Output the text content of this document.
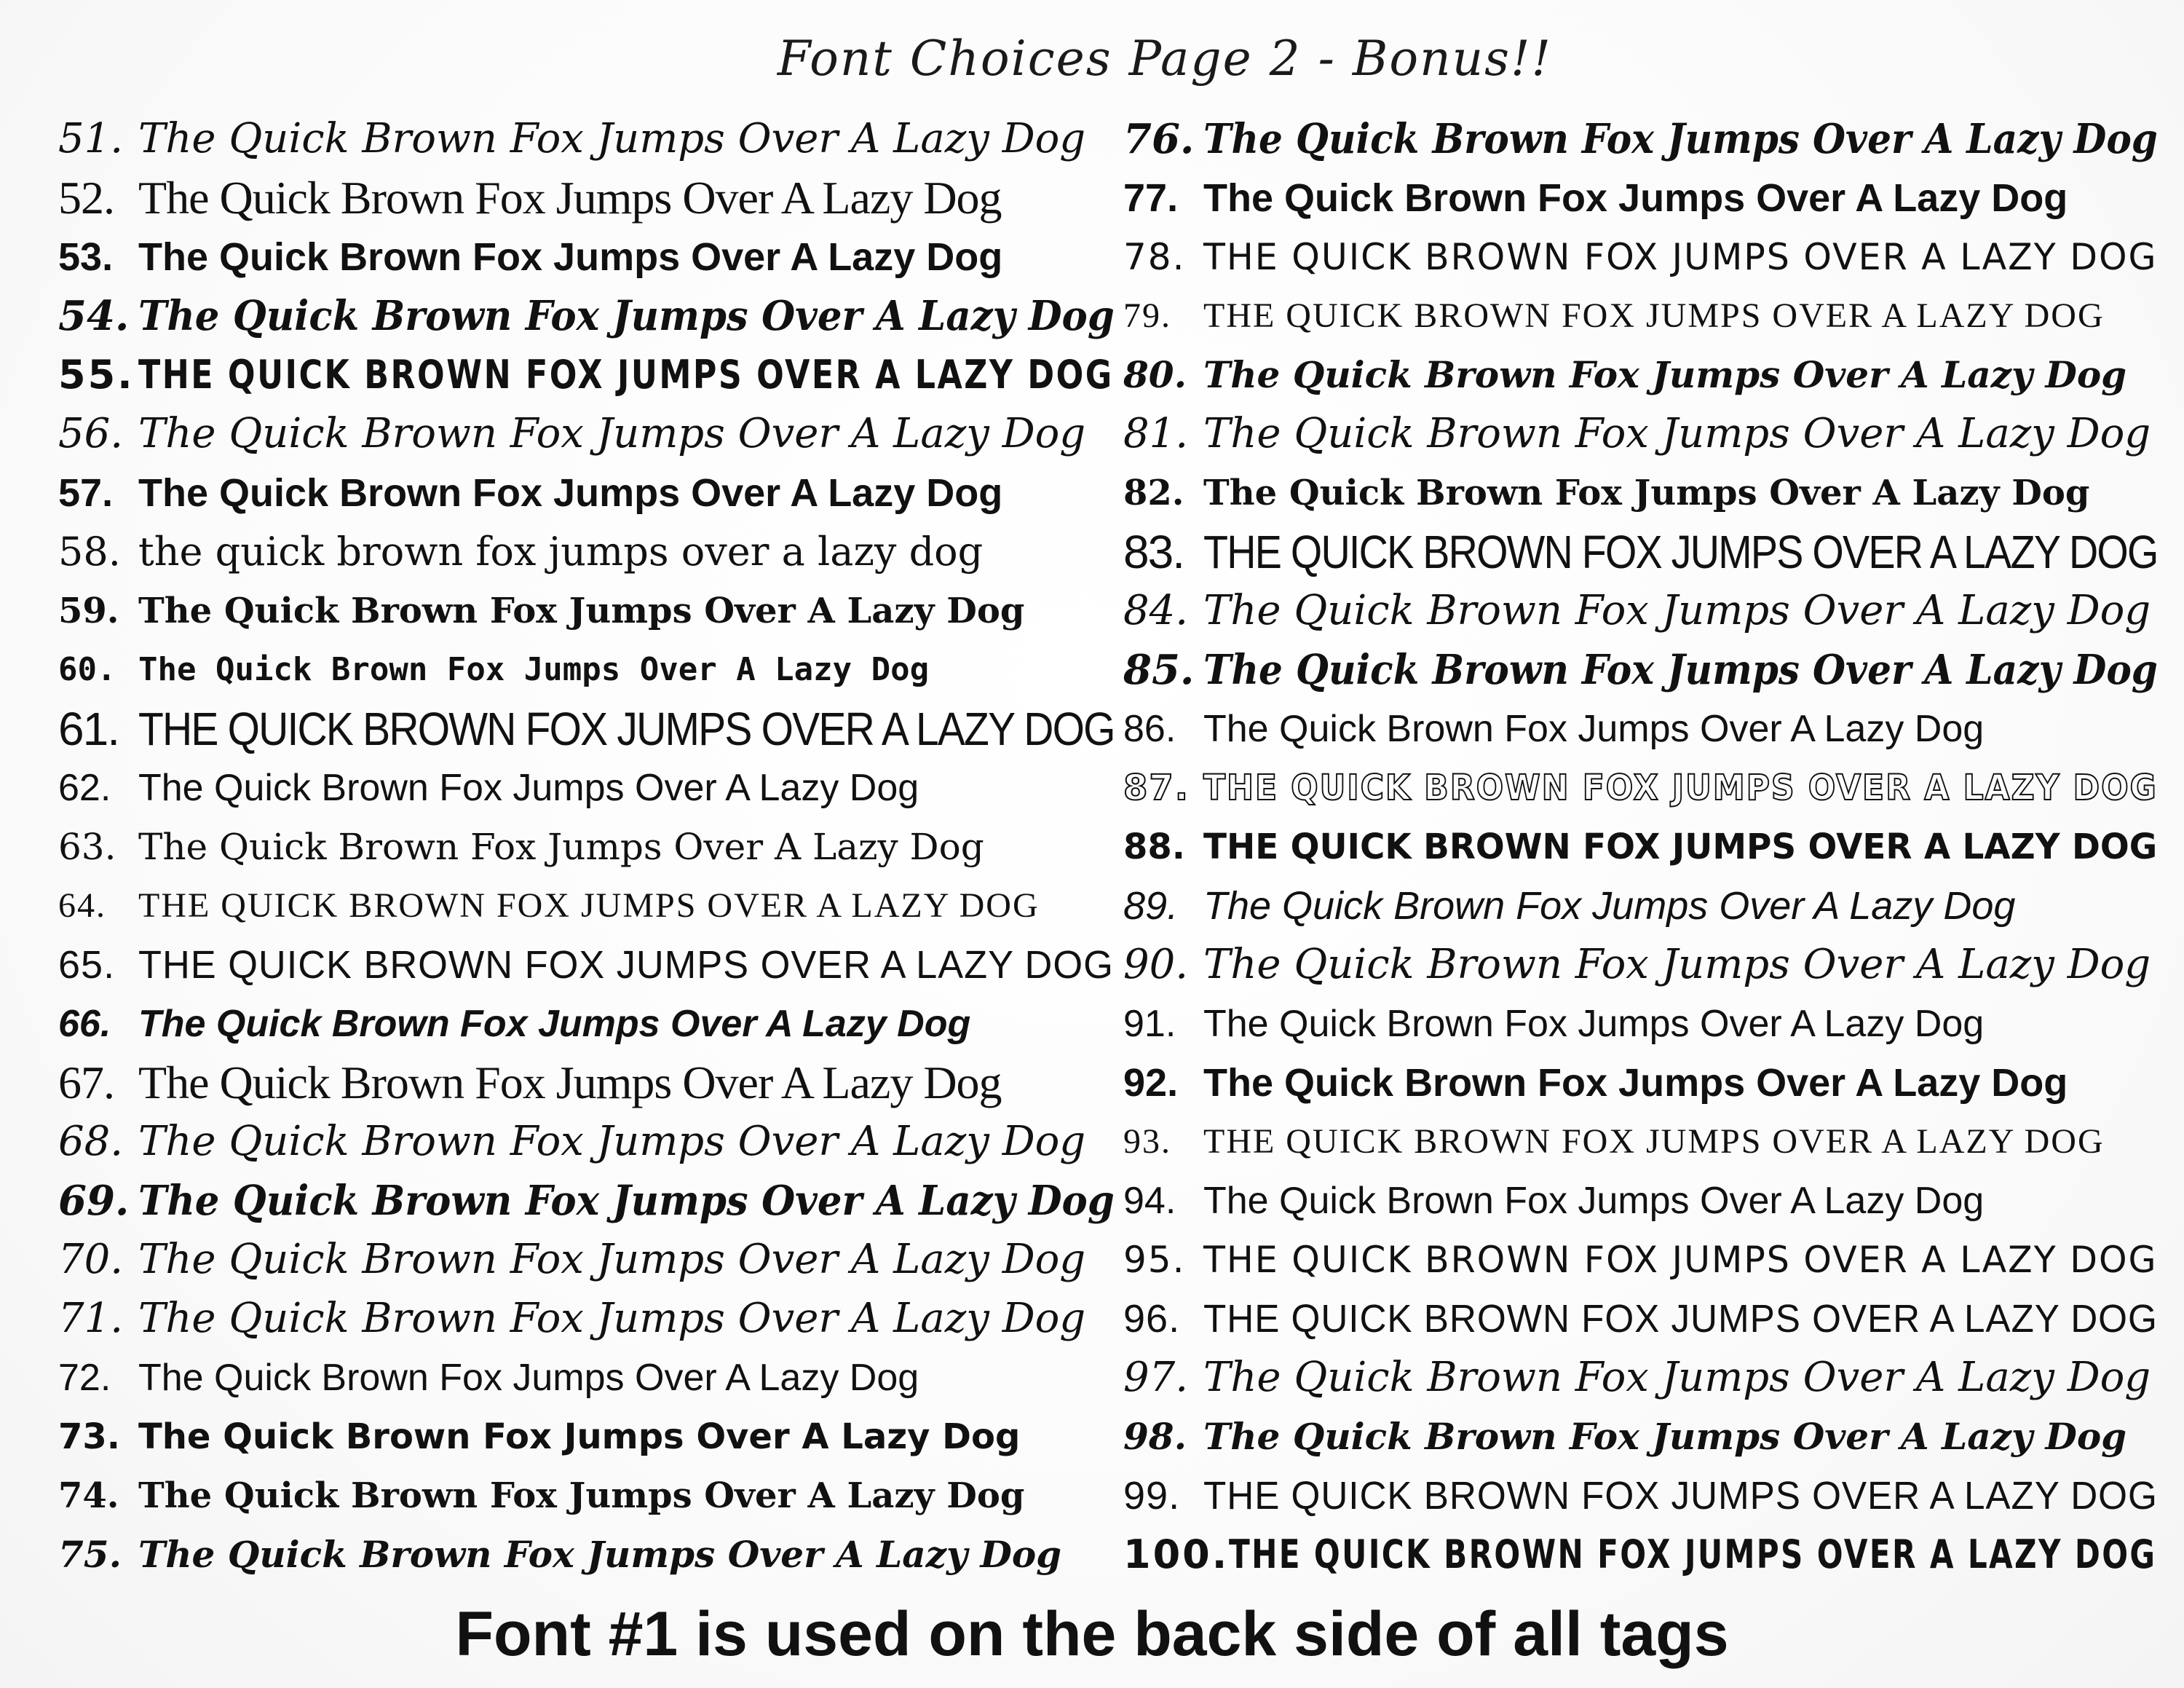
Font Choices Page 2 - Bonus!!
51. The Quick Brown Fox Jumps Over A Lazy Dog
52. The Quick Brown Fox Jumps Over A Lazy Dog
53. The Quick Brown Fox Jumps Over A Lazy Dog
54. The Quick Brown Fox Jumps Over A Lazy Dog
55. THE QUICK BROWN FOX JUMPS OVER A LAZY DOG
56. The Quick Brown Fox Jumps Over A Lazy Dog
57. The Quick Brown Fox Jumps Over A Lazy Dog
58. the quick brown fox jumps over a lazy dog
59. The Quick Brown Fox Jumps Over A Lazy Dog
60. The Quick Brown Fox Jumps Over A Lazy Dog
61. THE QUICK BROWN FOX JUMPS OVER A LAZY DOG
62. The Quick Brown Fox Jumps Over A Lazy Dog
63. The Quick Brown Fox Jumps Over A Lazy Dog
64. THE QUICK BROWN FOX JUMPS OVER A LAZY DOG
65. THE QUICK BROWN FOX JUMPS OVER A LAZY DOG
66. The Quick Brown Fox Jumps Over A Lazy Dog
67. The Quick Brown Fox Jumps Over A Lazy Dog
68. The Quick Brown Fox Jumps Over A Lazy Dog
69. The Quick Brown Fox Jumps Over A Lazy Dog
70. The Quick Brown Fox Jumps Over A Lazy Dog
71. The Quick Brown Fox Jumps Over A Lazy Dog
72. The Quick Brown Fox Jumps Over A Lazy Dog
73. The Quick Brown Fox Jumps Over A Lazy Dog
74. The Quick Brown Fox Jumps Over A Lazy Dog
75. The Quick Brown Fox Jumps Over A Lazy Dog
76. The Quick Brown Fox Jumps Over A Lazy Dog
77. The Quick Brown Fox Jumps Over A Lazy Dog
78. THE QUICK BROWN FOX JUMPS OVER A LAZY DOG
79. THE QUICK BROWN FOX JUMPS OVER A LAZY DOG
80. The Quick Brown Fox Jumps Over A Lazy Dog
81. The Quick Brown Fox Jumps Over A Lazy Dog
82. The Quick Brown Fox Jumps Over A Lazy Dog
83. THE QUICK BROWN FOX JUMPS OVER A LAZY DOG
84. The Quick Brown Fox Jumps Over A Lazy Dog
85. The Quick Brown Fox Jumps Over A Lazy Dog
86. The Quick Brown Fox Jumps Over A Lazy Dog
87. THE QUICK BROWN FOX JUMPS OVER A LAZY DOG
88. THE QUICK BROWN FOX JUMPS OVER A LAZY DOG
89. The Quick Brown Fox Jumps Over A Lazy Dog
90. The Quick Brown Fox Jumps Over A Lazy Dog
91. The Quick Brown Fox Jumps Over A Lazy Dog
92. The Quick Brown Fox Jumps Over A Lazy Dog
93. THE QUICK BROWN FOX JUMPS OVER A LAZY DOG
94. The Quick Brown Fox Jumps Over A Lazy Dog
95. THE QUICK BROWN FOX JUMPS OVER A LAZY DOG
96. THE QUICK BROWN FOX JUMPS OVER A LAZY DOG
97. The Quick Brown Fox Jumps Over A Lazy Dog
98. The Quick Brown Fox Jumps Over A Lazy Dog
99. THE QUICK BROWN FOX JUMPS OVER A LAZY DOG
100. THE QUICK BROWN FOX JUMPS OVER A LAZY DOG
Font #1 is used on the back side of all tags
